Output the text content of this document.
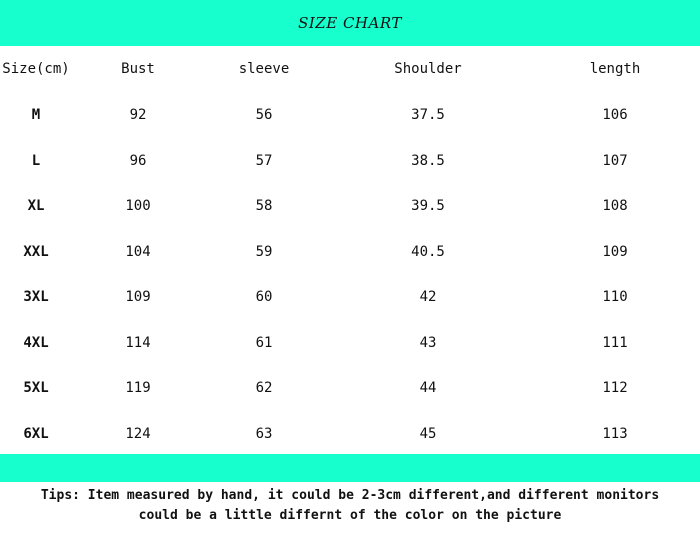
SIZE CHART
Size(cm)	Bust	sleeve	Shoulder	length
M	92	56	37.5	106
L	96	57	38.5	107
XL	100	58	39.5	108
XXL	104	59	40.5	109
3XL	109	60	42	110
4XL	114	61	43	111
5XL	119	62	44	112
6XL	124	63	45	113
Tips: Item measured by hand, it could be 2-3cm different,and different monitors
could be a little differnt of the color on the picture
